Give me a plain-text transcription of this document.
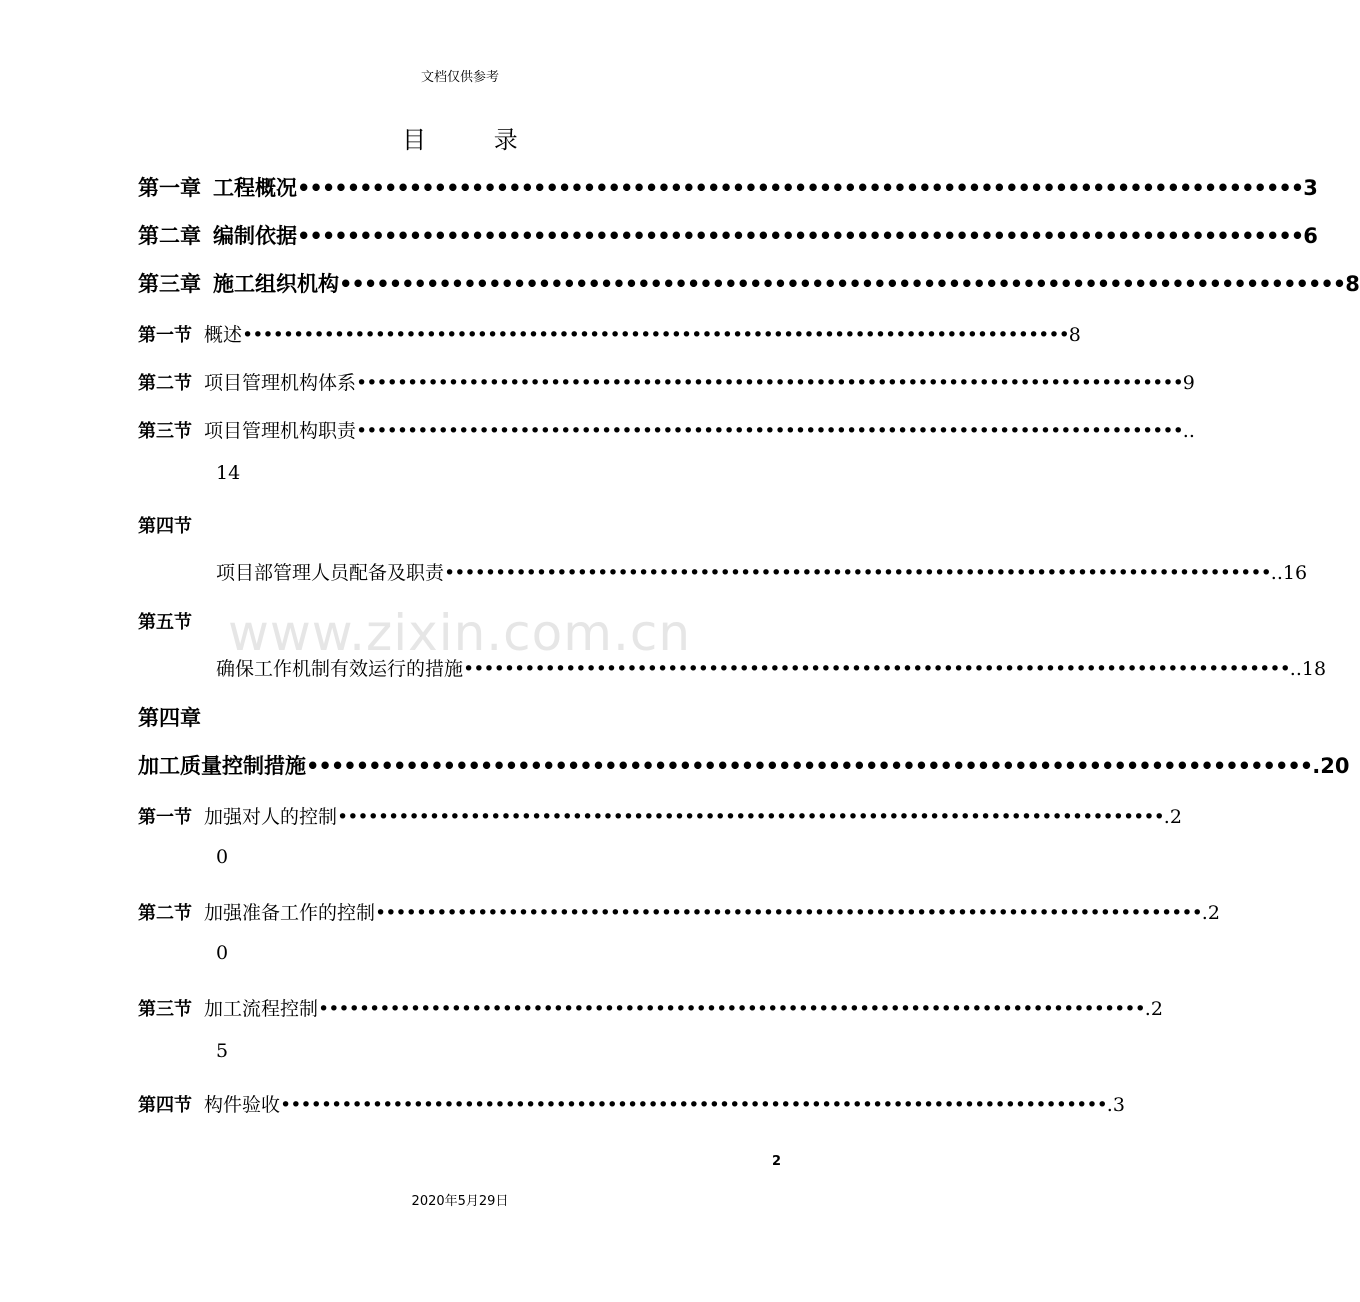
文档仅供参考
目 录
www.zixin.com.cn
第一章 工程概况 ••••••••••••••••••••••••••••••••••••••••••••••••••••••••••••••••••••••••••••••••• 3
第二章 编制依据 ••••••••••••••••••••••••••••••••••••••••••••••••••••••••••••••••••••••••••••••••• 6
第三章 施工组织机构 ••••••••••••••••••••••••••••••••••••••••••••••••••••••••••••••••••••••••••••••••• 8
第一节 概述 ••••••••••••••••••••••••••••••••••••••••••••••••••••••••••••••••••••••••••••••••• 8
第二节 项目管理机构体系 ••••••••••••••••••••••••••••••••••••••••••••••••••••••••••••••••••••••••••••••••• 9
第三节 项目管理机构职责 ••••••••••••••••••••••••••••••••••••••••••••••••••••••••••••••••••••••••••••••••• ..
14
第四节
项目部管理人员配备及职责 ••••••••••••••••••••••••••••••••••••••••••••••••••••••••••••••••••••••••••••••••• .. 16
第五节
确保工作机制有效运行的措施 ••••••••••••••••••••••••••••••••••••••••••••••••••••••••••••••••••••••••••••••••• .. 18
第四章
加工质量控制措施 ••••••••••••••••••••••••••••••••••••••••••••••••••••••••••••••••••••••••••••••••• . 20
第一节 加强对人的控制 ••••••••••••••••••••••••••••••••••••••••••••••••••••••••••••••••••••••••••••••••• . 2
0
第二节 加强准备工作的控制 ••••••••••••••••••••••••••••••••••••••••••••••••••••••••••••••••••••••••••••••••• . 2
0
第三节 加工流程控制 ••••••••••••••••••••••••••••••••••••••••••••••••••••••••••••••••••••••••••••••••• . 2
5
第四节 构件验收 ••••••••••••••••••••••••••••••••••••••••••••••••••••••••••••••••••••••••••••••••• . 3
2
2020年5月29日
